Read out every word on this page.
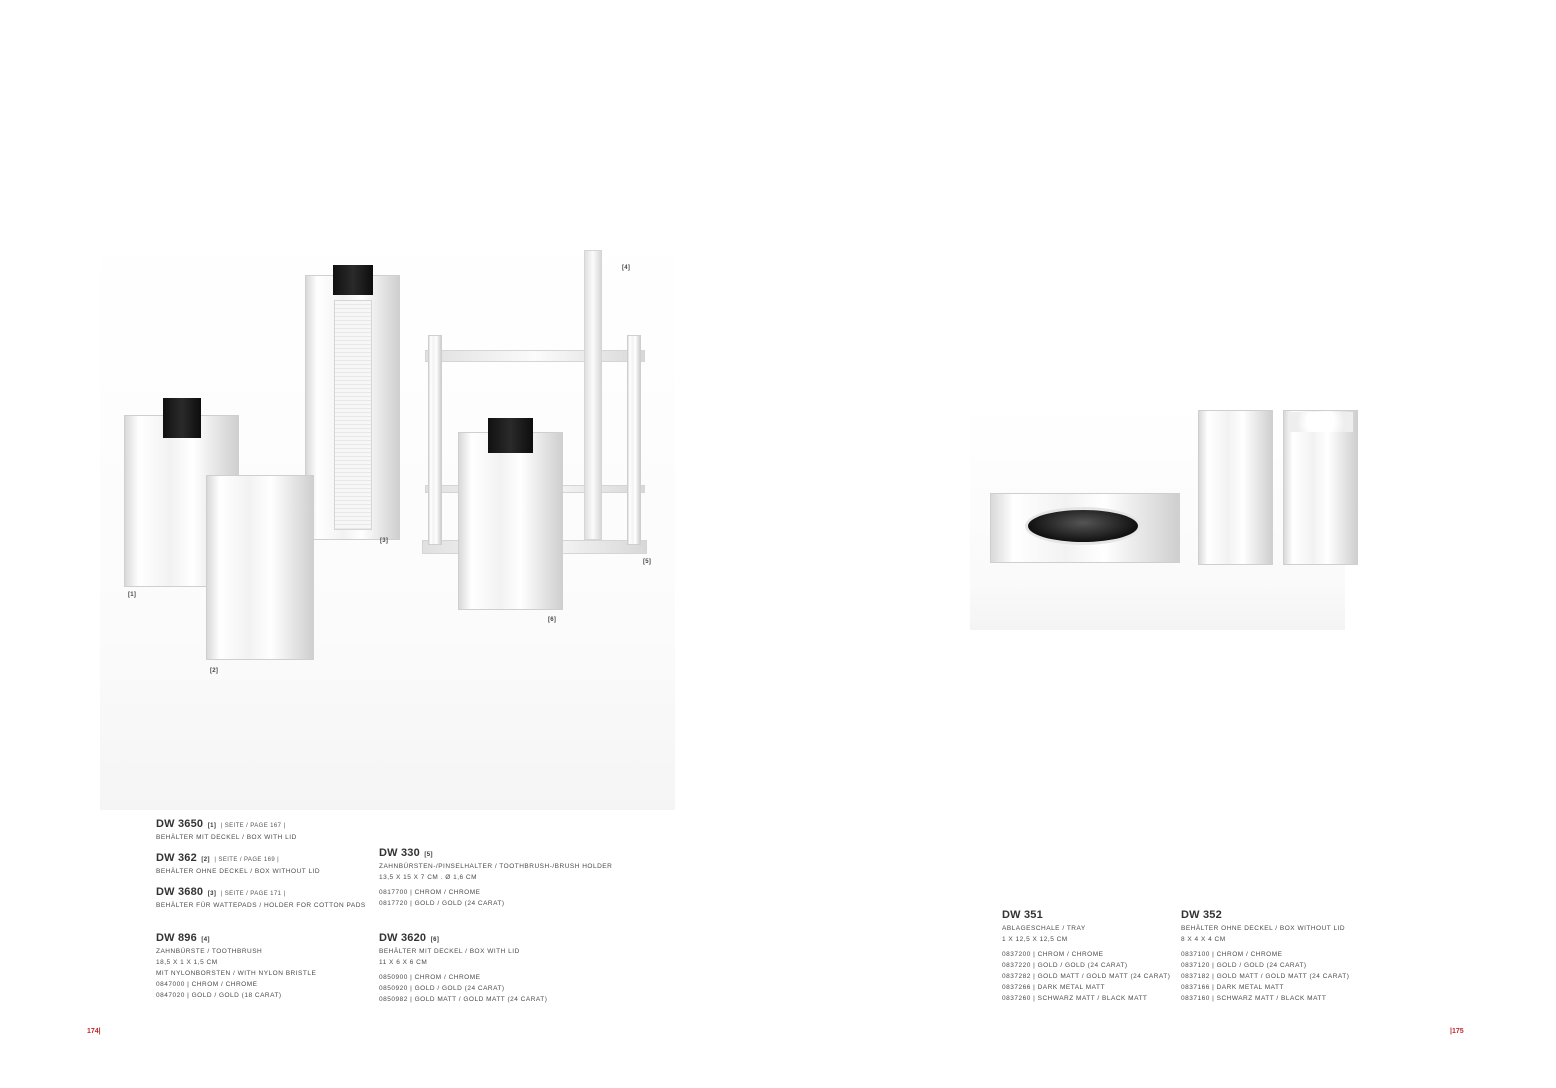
[1]
[2]
[3]
[4]
[5]
[6]
DW 3650 [1] | SEITE / PAGE 167 |
BEHÄLTER MIT DECKEL / BOX WITH LID
DW 362 [2] | SEITE / PAGE 169 |
BEHÄLTER OHNE DECKEL / BOX WITHOUT LID
DW 3680 [3] | SEITE / PAGE 171 |
BEHÄLTER FÜR WATTEPADS / HOLDER FOR COTTON PADS
DW 896 [4]
ZAHNBÜRSTE / TOOTHBRUSH
18,5 X 1 X 1,5 CM
MIT NYLONBORSTEN / WITH NYLON BRISTLE
0847000 | CHROM / CHROME
0847020 | GOLD / GOLD (18 CARAT)
DW 330 [5]
ZAHNBÜRSTEN-/PINSELHALTER / TOOTHBRUSH-/BRUSH HOLDER
13,5 X 15 X 7 CM . Ø 1,6 CM
0817700 | CHROM / CHROME
0817720 | GOLD / GOLD (24 CARAT)
DW 3620 [6]
BEHÄLTER MIT DECKEL / BOX WITH LID
11 X 6 X 6 CM
0850900 | CHROM / CHROME
0850920 | GOLD / GOLD (24 CARAT)
0850982 | GOLD MATT / GOLD MATT (24 CARAT)
DW 351
ABLAGESCHALE / TRAY
1 X 12,5 X 12,5 CM
0837200 | CHROM / CHROME
0837220 | GOLD / GOLD (24 CARAT)
0837282 | GOLD MATT / GOLD MATT (24 CARAT)
0837266 | DARK METAL MATT
0837260 | SCHWARZ MATT / BLACK MATT
DW 352
BEHÄLTER OHNE DECKEL / BOX WITHOUT LID
8 X 4 X 4 CM
0837100 | CHROM / CHROME
0837120 | GOLD / GOLD (24 CARAT)
0837182 | GOLD MATT / GOLD MATT (24 CARAT)
0837166 | DARK METAL MATT
0837160 | SCHWARZ MATT / BLACK MATT
174|	|175
